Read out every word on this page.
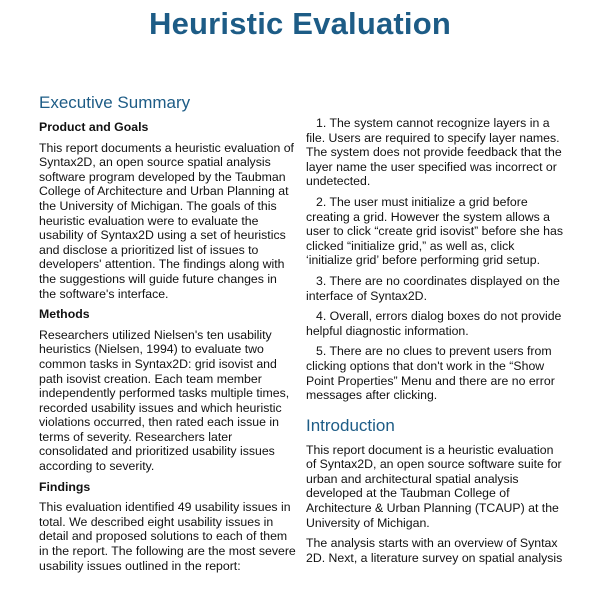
Heuristic Evaluation
Executive Summary
Product and Goals
This report documents a heuristic evaluation of Syntax2D, an open source spatial analysis software program developed by the Taubman College of Architecture and Urban Planning at the University of Michigan. The goals of this heuristic evaluation were to evaluate the usability of Syntax2D using a set of heuristics and disclose a prioritized list of issues to developers' attention. The findings along with the suggestions will guide future changes in the software's interface.
Methods
Researchers utilized Nielsen's ten usability heuristics (Nielsen, 1994) to evaluate two common tasks in Syntax2D: grid isovist and path isovist creation. Each team member independently performed tasks multiple times, recorded usability issues and which heuristic violations occurred, then rated each issue in terms of severity. Researchers later consolidated and prioritized usability issues according to severity.
Findings
This evaluation identified 49 usability issues in total. We described eight usability issues in detail and proposed solutions to each of them in the report. The following are the most severe usability issues outlined in the report:
1. The system cannot recognize layers in a file. Users are required to specify layer names. The system does not provide feedback that the layer name the user specified was incorrect or undetected.
2. The user must initialize a grid before creating a grid. However the system allows a user to click “create grid isovist” before she has clicked “initialize grid,” as well as, click ‘initialize grid’ before performing grid setup.
3. There are no coordinates displayed on the interface of Syntax2D.
4. Overall, errors dialog boxes do not provide helpful diagnostic information.
5. There are no clues to prevent users from clicking options that don't work in the “Show Point Properties” Menu and there are no error messages after clicking.
Introduction
This report document is a heuristic evaluation of Syntax2D, an open source software suite for urban and architectural spatial analysis developed at the Taubman College of Architecture & Urban Planning (TCAUP) at the University of Michigan.
The analysis starts with an overview of Syntax 2D. Next, a literature survey on spatial analysis
